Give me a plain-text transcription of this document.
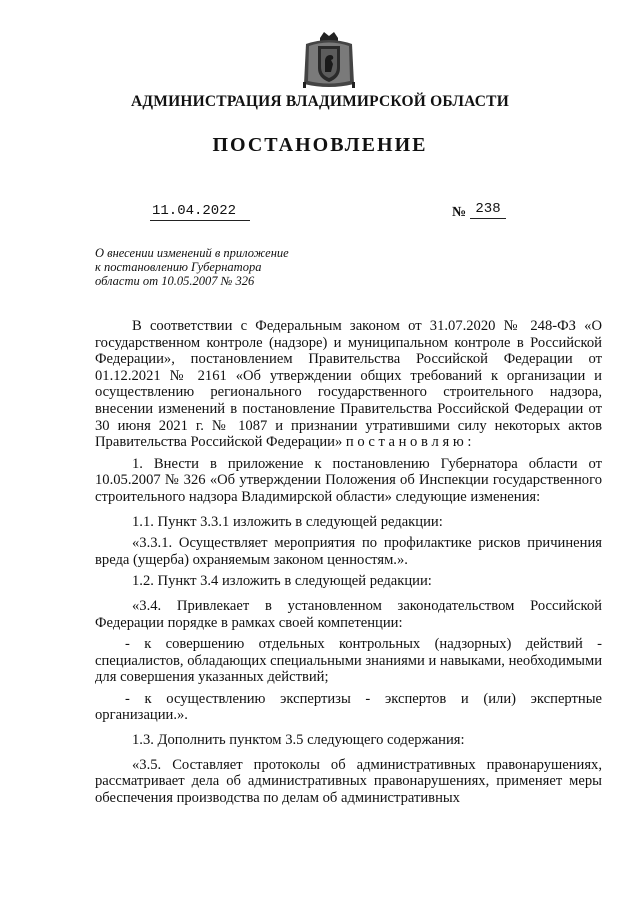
АДМИНИСТРАЦИЯ ВЛАДИМИРСКОЙ ОБЛАСТИ
ПОСТАНОВЛЕНИЕ
11.04.2022	№ 238
О внесении изменений в приложение
к постановлению Губернатора
области от 10.05.2007 № 326

В соответствии с Федеральным законом от 31.07.2020 № 248-ФЗ «О государственном контроле (надзоре) и муниципальном контроле в Российской Федерации», постановлением Правительства Российской Федерации от 01.12.2021 № 2161 «Об утверждении общих требований к организации и осуществлению регионального государственного строительного надзора, внесении изменений в постановление Правительства Российской Федерации от 30 июня 2021 г. № 1087 и признании утратившими силу некоторых актов Правительства Российской Федерации» п о с т а н о в л я ю :

1. Внести в приложение к постановлению Губернатора области от 10.05.2007 № 326 «Об утверждении Положения об Инспекции государственного строительного надзора Владимирской области» следующие изменения:

1.1. Пункт 3.3.1 изложить в следующей редакции:

«3.3.1. Осуществляет мероприятия по профилактике рисков причинения вреда (ущерба) охраняемым законом ценностям.».

1.2. Пункт 3.4 изложить в следующей редакции:

«3.4. Привлекает в установленном законодательством Российской Федерации порядке в рамках своей компетенции:

- к совершению отдельных контрольных (надзорных) действий - специалистов, обладающих специальными знаниями и навыками, необходимыми для совершения указанных действий;

- к осуществлению экспертизы - экспертов и (или) экспертные организации.».

1.3. Дополнить пунктом 3.5 следующего содержания:

«3.5. Составляет протоколы об административных правонарушениях, рассматривает дела об административных правонарушениях, применяет меры обеспечения производства по делам об административных
